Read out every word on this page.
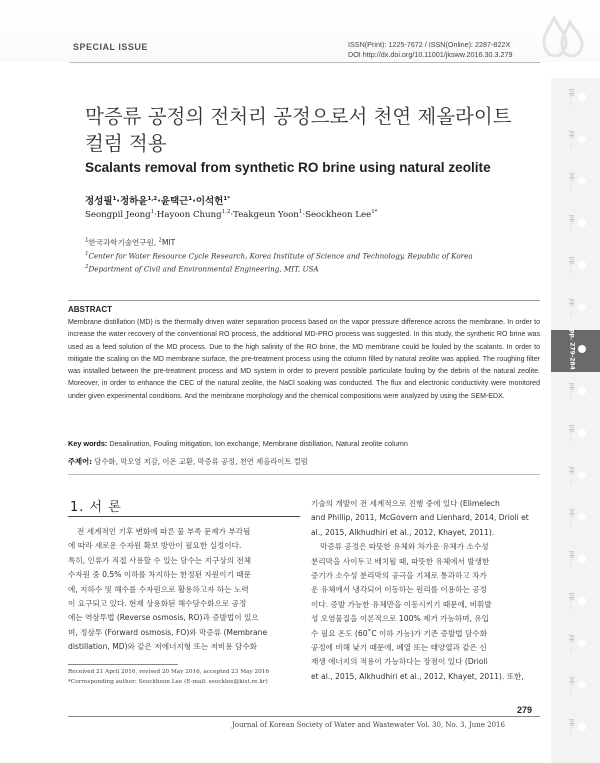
SPECIAL ISSUE	ISSN(Print): 1225-7672 / ISSN(Online): 2287-822X
DOI http://dx.doi.org/10.11001/jksww.2016.30.3.279
pp. ...
pp. ...
pp. ...
pp. ...
pp. ...
pp. ...
pp. 279-284
pp. ...
pp. ...
pp. ...
pp. ...
pp. ...
pp. ...
pp. ...
pp. ...
pp. ...
막증류 공정의 전처리 공정으로서 천연 제올라이트
컬럼 적용
Scalants removal from synthetic RO brine using natural zeolite
정성필$^1$·정하윤$^{1,2}$·윤택근$^1$·이석헌$^{1*}$
Seongpil Jeong$^1$·Hayoon Chung$^{1,2}$·Teakgeun Yoon$^1$·Seockheon Lee$^{1*}$
$^1$한국과학기술연구원, $^2$MIT
$^1$Center for Water Resource Cycle Research, Korea Institute of Science and Technology, Republic of Korea
$^2$Department of Civil and Environmental Engineering, MIT, USA
ABSTRACT
Membrane distillation (MD) is the thermally driven water separation process based on the vapor pressure difference across the membrane. In order to increase the water recovery of the conventional RO process, the additional MD-PRO process was suggested. In this study, the synthetic RO brine was used as a feed solution of the MD process. Due to the high salinity of the RO brine, the MD membrane could be fouled by the scalants. In order to mitigate the scaling on the MD membrane surface, the pre-treatment process using the column filled by natural zeolite was applied. The roughing filter was installed between the pre-treatment process and MD system in order to prevent possible particulate fouling by the debris of the natural zeolite. Moreover, in order to enhance the CEC of the natural zeolite, the NaCl soaking was conducted. The flux and electronic conductivity were monitored under given experimental conditions. And the membrane morphology and the chemical compositions were analyzed by using the SEM-EDX.
Key words: Desalination, Fouling mitigation, Ion exchange, Membrane distillation, Natural zeolite column
주제어: 담수화, 막오염 저감, 이온 교환, 막증류 공정, 천연 제올라이트 컬럼
1. 서 론
전 세계적인 기후 변화에 따른 물 부족 문제가 부각됨
에 따라 새로운 수자원 확보 방안이 필요한 실정이다.
특히, 인류가 직접 사용할 수 있는 담수는 지구상의 전체
수자원 중 0.5% 이하를 차지하는 한정된 자원이기 때문
에, 지하수 및 해수를 수자원으로 활용하고자 하는 노력
이 요구되고 있다. 현재 상용화된 해수담수화으로 공정
에는 역삼투법 (Reverse osmosis, RO)과 증발법이 있으
며, 정삼투 (Forward osmosis, FO)와 막증류 (Membrane
distillation, MD)와 같은 저에너지형 또는 저비용 담수화
기술의 개발이 전 세계적으로 진행 중에 있다 (Elimelech
and Phillip, 2011, McGovern and Lienhard, 2014, Drioli et
al., 2015, Alkhudhiri et al., 2012, Khayet, 2011).
막증류 공정은 따뜻한 유체와 차가운 유체가 소수성
분리막을 사이두고 배치될 때, 따뜻한 유체에서 발생한
증기가 소수성 분리막의 공극을 기체로 통과하고 차가
운 유체에서 냉각되어 이동하는 원리를 이용하는 공정
이다. 증발 가능한 유체만을 이동시키기 때문에, 비휘발
성 오염물질을 이론적으로 100% 제거 가능하며, 유입
수 필요 온도 (60˚C 이하 가능)가 기존 증발법 담수화
공정에 비해 낮기 때문에, 폐열 또는 태양열과 같은 신
재생 에너지의 적용이 가능하다는 장점이 있다 (Drioli
et al., 2015, Alkhudhiri et al., 2012, Khayet, 2011). 또한,
Received 21 April 2016, revised 20 May 2016, accepted 23 May 2016
*Corresponding author: Seockheon Lee (E-mail: seocklee@kist.re.kr)
279
Journal of Korean Society of Water and Wastewater Vol. 30, No. 3, June 2016
